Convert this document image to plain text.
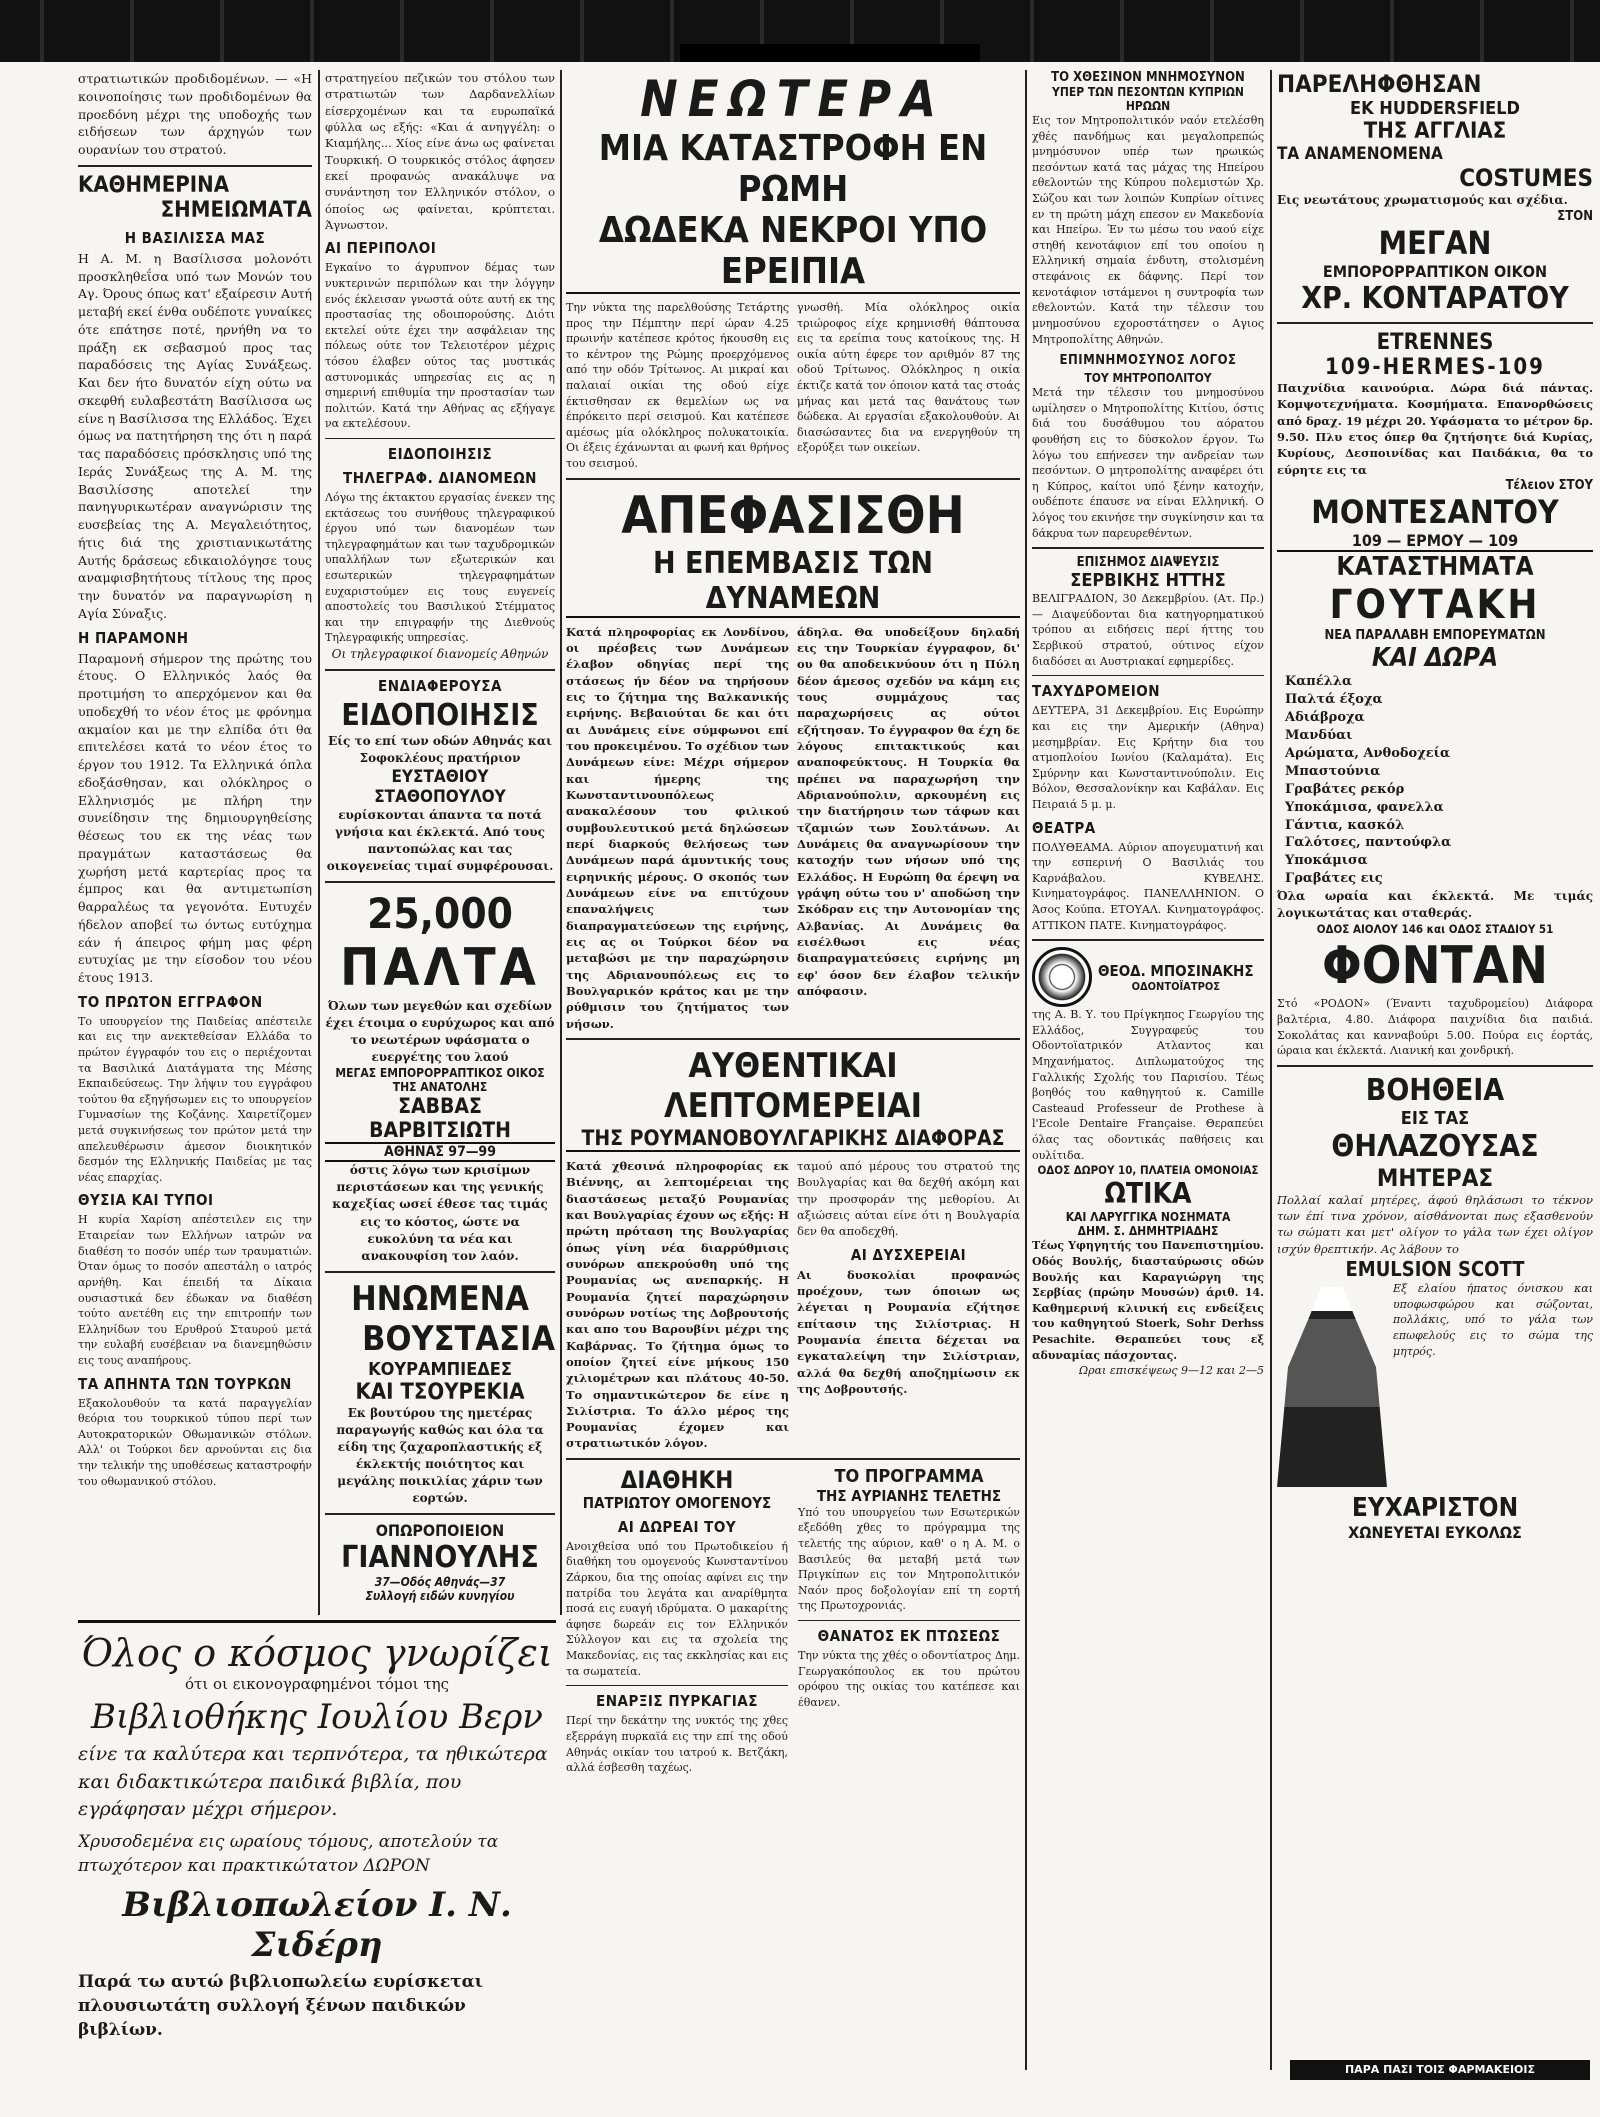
στρατιωτικών προδιδομένων. — «Η κοινοποίησις των προδιδομένων θα προεδόνη μέχρι της υποδοχής των ειδήσεων των άρχηγών των ουρανίων του στρατού.

ΚΑΘΗΜΕΡΙΝΑ
ΣΗΜΕΙΩΜΑΤΑ
Η ΒΑΣΙΛΙΣΣΑ ΜΑΣ

Η Α. Μ. η Βασίλισσα μολονότι προσκληθεΐσα υπό των Μονών του Αγ. Όρους όπως κατ' εξαίρεσιν Αυτή μεταβή εκεί ένθα ουδέποτε γυναίκες ότε επάτησε ποτέ, ηρνήθη να το πράξη εκ σεβασμού προς τας παραδόσεις της Αγίας Συνάξεως. Και δεν ήτο δυνατόν είχη ούτω να σκεφθή ευλαβεστάτη Βασίλισσα ως είνε η Βασίλισσα της Ελλάδος. Έχει όμως να πατητήρηση της ότι η παρά τας παραδόσεις πρόσκλησις υπό της Ιεράς Συνάξεως της Α. Μ. της Βασιλίσσης αποτελεί την πανηγυρικωτέραν αναγνώρισιν της ευσεβείας της Α. Μεγαλειότητος, ήτις διά της χριστιανικωτάτης Αυτής δράσεως εδικαιολόγησε τους αναμφισβητήτους τίτλους της προς την δυνατόν να παραγνωρίση η Αγία Σύναξις.

Η ΠΑΡΑΜΟΝΗ

Παραμονή σήμερον της πρώτης του έτους. Ο Ελληνικός λαός θα προτιμήση το απερχόμενον και θα υποδεχθή το νέον έτος με φρόνημα ακμαίον και με την ελπίδα ότι θα επιτελέσει κατά το νέον έτος το έργον του 1912. Τα Ελληνικά όπλα εδοξάσθησαν, και ολόκληρος ο Ελληνισμός με πλήρη την συνείδησιν της δημιουργηθείσης θέσεως του εκ της νέας των πραγμάτων καταστάσεως θα χωρήση μετά καρτερίας προς τα έμπρος και θα αντιμετωπίση θαρραλέως τα γεγονότα. Ευτυχέν ήδελον αποβεί τω όντως ευτύχημα εάν ή άπειρος φήμη μας φέρη ευτυχίας με την είσοδον του νέου έτους 1913.

ΤΟ ΠΡΩΤΟΝ ΕΓΓΡΑΦΟΝ

Το υπουργείον της Παιδείας απέστειλε και εις την ανεκτεθείσαν Ελλάδα το πρώτον έγγραφόν του εις ο περιέχονται τα Βασιλικά Διατάγματα της Μέσης Εκπαιδεύσεως. Την λήψιν του εγγράφου τούτου θα εξηγήσωμεν εις το υπουργείον Γυμνασίων της Κοζάνης. Χαιρετίζομεν μετά συγκινήσεως τον πρώτον μετά την απελευθέρωσιν άμεσον διοικητικόν δεσμόν της Ελληνικής Παιδείας με τας νέας επαρχίας.

ΘΥΣΙΑ ΚΑΙ ΤΥΠΟΙ

Η κυρία Χαρίση απέστειλεν εις την Εταιρείαν των Ελλήνων ιατρών να διαθέση το ποσόν υπέρ των τραυματιών. Όταν όμως το ποσόν απεστάλη ο ιατρός αρνήθη. Και έπειδή τα Δίκαια ουσιαστικά δεν έδωκαν να διαθέση τούτο ανετέθη εις την επιτροπήν των Ελληνίδων του Ερυθρού Σταυρού μετά την ευλαβή ευσέβειαν να διανεμηθώσιν εις τους αναπήρους.

ΤΑ ΑΠΗΝΤΑ ΤΩΝ ΤΟΥΡΚΩΝ

Εξακολουθούν τα κατά παραγγελίαν θεόρια του τουρκικού τύπου περί των Αυτοκρατορικών Οθωμανικών στόλων. Αλλ' οι Τούρκοι δεν αρνούνται εις δια την τελικήν της υποθέσεως καταστροφήν του οθωμανικού στόλου.

στρατηγείου πεζικών του στόλου των στρατιωτών των Δαρδανελλίων είσερχομένων και τα ευρωπαϊκά φύλλα ως εξής: «Και ά ανηγγέλη: ο Κιαμήλης... Χίος είνε άνω ως φαίνεται Τουρκική. Ο τουρκικός στόλος άφησεν εκεί προφανώς ανακάλυψε να συνάντηση τον Ελληνικόν στόλον, ο όποίος ως φαίνεται, κρύπτεται. Άγνωστον.

ΑΙ ΠΕΡΙΠΟΛΟΙ

Εγκαίνο το άγρυπνον δέμας των νυκτερινών περιπόλων και την λόγγην ενός έκλεισαν γνωστά ούτε αυτή εκ της προστασίας της οδοιπορούσης. Διότι εκτελεί ούτε έχει την ασφάλειαν της πόλεως ούτε τον Τελειοτέρον μέχρις τόσου έλαβεν ούτος τας μυστικάς αστυνομικάς υπηρεσίας εις ας η σημερινή επιθυμία την προστασίαν των πολιτών. Κατά την Αθήνας ας εξήγαγε να εκτελέσουν.

ΕΙΔΟΠΟΙΗΣΙΣ
ΤΗΛΕΓΡΑΦ. ΔΙΑΝΟΜΕΩΝ

Λόγω της έκτακτου εργασίας ένεκεν της εκτάσεως του συνήθους τηλεγραφικού έργου υπό των διανομέων των τηλεγραφημάτων και των ταχυδρομικών υπαλλήλων των εξωτερικών και εσωτερικών τηλεγραφημάτων ευχαριστούμεν εις τους ευγενείς αποστολείς του Βασιλικού Στέμματος και την επιγραφήν της Διεθνούς Τηλεγραφικής υπηρεσίας.

Οι τηλεγραφικοί διανομείς Αθηνών

ΕΝΔΙΑΦΕΡΟΥΣΑ
ΕΙΔΟΠΟΙΗΣΙΣ

Είς το επί των οδών Αθηνάς και Σοφοκλέους πρατήριον

ΕΥΣΤΑΘΙΟΥ ΣΤΑΘΟΠΟΥΛΟΥ

ευρίσκονται άπαντα τα ποτά γνήσια και έκλεκτά. Από τους παντοπώλας και τας οικογενείας τιμαί συμφέρουσαι.

25,000
ΠΑΛΤΑ

Όλων των μεγεθών και σχεδίων έχει έτοιμα ο ευρύχωρος και από το νεωτέρων υφάσματα ο ευεργέτης του λαού

ΜΕΓΑΣ ΕΜΠΟΡΟΡΡΑΠΤΙΚΟΣ ΟΙΚΟΣ ΤΗΣ ΑΝΑΤΟΛΗΣ
ΣΑΒΒΑΣ ΒΑΡΒΙΤΣΙΩΤΗ
ΑΘΗΝΑΣ 97—99

όστις λόγω των κρισίμων περιστάσεων και της γενικής καχεξίας ωσεί έθεσε τας τιμάς εις το κόστος, ώστε να ευκολύνη τα νέα και ανακουφίση τον λαόν.

ΗΝΩΜΕΝΑ
ΒΟΥΣΤΑΣΙΑ
ΚΟΥΡΑΜΠΙΕΔΕΣ
ΚΑΙ ΤΣΟΥΡΕΚΙΑ

Εκ βουτύρου της ημετέρας παραγωγής καθώς και όλα τα είδη της ζαχαροπλαστικής εξ έκλεκτής ποιότητος και μεγάλης ποικιλίας χάριν των εορτών.

ΟΠΩΡΟΠΟΙΕΙΟΝ
ΓΙΑΝΝΟΥΛΗΣ
37—Οδός Αθηνάς—37
Συλλογή ειδών κυνηγίου
Όλος ο κόσμος γνωρίζει
ότι οι εικονογραφημένοι τόμοι της
Βιβλιοθήκης Ιουλίου Βερν

είνε τα καλύτερα και τερπνότερα, τα ηθικώτερα και διδακτικώτερα παιδικά βιβλία, που εγράφησαν μέχρι σήμερον.

Χρυσοδεμένα εις ωραίους τόμους, αποτελούν τα πτωχότερον και πρακτικώτατον ΔΩΡΟΝ

Βιβλιοπωλείον Ι. Ν. Σιδέρη

Παρά τω αυτώ βιβλιοπωλείω ευρίσκεται πλουσιωτάτη συλλογή ξένων παιδικών βιβλίων.

ΝΕΩΤΕΡΑ
ΜΙΑ ΚΑΤΑΣΤΡΟΦΗ ΕΝ ΡΩΜΗ
ΔΩΔΕΚΑ ΝΕΚΡΟΙ ΥΠΟ ΕΡΕΙΠΙΑ

Την νύκτα της παρελθούσης Τετάρτης προς την Πέμπτην περί ώραν 4.25 πρωινήν κατέπεσε κρότος ήκουσθη εις το κέντρον της Ρώμης προερχόμενος από την οδόν Τρίτωνος. Αι μικραί και παλαιαί οικίαι της οδού είχε έκτισθησαν εκ θεμελίων ως να έπρόκειτο περί σεισμού. Και κατέπεσε αμέσως μία ολόκληρος πολυκατοικία. Οι έξεις έχάνωνται αι φωνή και θρήνος του σεισμού.

γνωσθή. Μία ολόκληρος οικία τριώροφος είχε κρημνισθή θάπτουσα εις τα ερείπια τους κατοίκους της. Η οικία αύτη έφερε τον αριθμόν 87 της οδού Τρίτωνος. Ολόκληρος η οικία έκτιζε κατά τον όποιον κατά τας στοάς μήνας και μετά τας θανάτους των δώδεκα. Αι εργασίαι εξακολουθούν. Αι διασώσαντες δια να ενεργηθούν τη εξορύξει των οικείων.

ΑΠΕΦΑΣΙΣΘΗ
Η ΕΠΕΜΒΑΣΙΣ ΤΩΝ ΔΥΝΑΜΕΩΝ

Κατά πληροφορίας εκ Λονδίνου, οι πρέσβεις των Δυνάμεων έλαβον οδηγίας περί της στάσεως ήν δέον να τηρήσουν εις το ζήτημα της Βαλκανικής ειρήνης. Βεβαιούται δε και ότι αι Δυνάμεις είνε σύμφωνοι επί του προκειμένου. Το σχέδιον των Δυνάμεων είνε: Μέχρι σήμερον και ήμερης της Κωνσταντινουπόλεως ανακαλέσουν του φιλικού συμβουλευτικού μετά δηλώσεων περί διαρκούς θελήσεως των Δυνάμεων παρά άμυντικής τους ειρηνικής μέρους. Ο σκοπός των Δυνάμεων είνε να επιτύχουν επαναλήψεις των διαπραγματεύσεων της ειρήνης, εις ας οι Τούρκοι δέον να μεταβώσι με την παραχώρησιν της Αδριανουπόλεως εις το Βουλγαρικόν κράτος και με την ρύθμισιν του ζητήματος των νήσων.

άδηλα. Θα υποδείξουν δηλαδή εις την Τουρκίαν έγγραφον, δι' ου θα αποδεικνύουν ότι η Πύλη δέον άμεσος σχεδόν να κάμη εις τους συμμάχους τας παραχωρήσεις ας ούτοι εζήτησαν. Το έγγραφον θα έχη δε λόγους επιτακτικούς και αναποφεύκτους. Η Τουρκία θα πρέπει να παραχωρήση την Αδριανούπολιν, αρκουμένη εις την διατήρησιν των τάφων και τζαμιών των Σουλτάνων. Αι Δυνάμεις θα αναγνωρίσουν την κατοχήν των νήσων υπό της Ελλάδος. Η Ευρώπη θα έρεψη να γράψη ούτω του ν' αποδώση την Σκόδραν εις την Αυτονομίαν της Αλβανίας. Αι Δυνάμεις θα εισέλθωσι εις νέας διαπραγματεύσεις ειρήνης μη εφ' όσον δεν έλαβον τελικήν απόφασιν.

ΑΥΘΕΝΤΙΚΑΙ ΛΕΠΤΟΜΕΡΕΙΑΙ
ΤΗΣ ΡΟΥΜΑΝΟΒΟΥΛΓΑΡΙΚΗΣ ΔΙΑΦΟΡΑΣ

Κατά χθεσινά πληροφορίας εκ Βιέννης, αι λεπτομέρειαι της διαστάσεως μεταξύ Ρουμανίας και Βουλγαρίας έχουν ως εξής: Η πρώτη πρόταση της Βουλγαρίας όπως γίνη νέα διαρρύθμισις συνόρων απεκρούσθη υπό της Ρουμανίας ως ανεπαρκής. Η Ρουμανία ζητεί παραχώρησιν συνόρων νοτίως της Δοβρουτσής και απο του Βαρουβίνι μέχρι της Καβάρνας. Το ζήτημα όμως το οποίον ζητεί είνε μήκους 150 χιλιομέτρων και πλάτους 40-50. Το σημαντικώτερον δε είνε η Σιλίστρια. Το άλλο μέρος της Ρουμανίας έχομεν και στρατιωτικόν λόγον.

ταμού από μέρους του στρατού της Βουλγαρίας και θα δεχθή ακόμη και την προσφοράν της μεθορίου. Αι αξιώσεις αύται είνε ότι η Βουλγαρία δεν θα αποδεχθή.

ΑΙ ΔΥΣΧΕΡΕΙΑΙ

Αι δυσκολίαι προφανώς προέχουν, των όποιων ως λέγεται η Ρουμανία εζήτησε επίτασιν της Σιλίστριας. Η Ρουμανία έπειτα δέχεται να εγκαταλείψη την Σιλίστριαν, αλλά θα δεχθή αποζημίωσιν εκ της Δοβρουτσής.

ΔΙΑΘΗΚΗ
ΠΑΤΡΙΩΤΟΥ ΟΜΟΓΕΝΟΥΣ
ΑΙ ΔΩΡΕΑΙ ΤΟΥ

Ανοιχθείσα υπό του Πρωτοδικείου ή διαθήκη του ομογενούς Κωνσταντίνου Ζάρκου, δια της οποίας αφίνει εις την πατρίδα του λεγάτα και αναρίθμητα ποσά εις ευαγή ιδρύματα. Ο μακαρίτης άφησε δωρεάν εις τον Ελληνικόν Σύλλογον και εις τα σχολεία της Μακεδονίας, εις τας εκκλησίας και εις τα σωματεία.

ΕΝΑΡΞΙΣ ΠΥΡΚΑΓΙΑΣ

Περί την δεκάτην της νυκτός της χθες εξερράγη πυρκαϊά εις την επί της οδού Αθηνάς οικίαν του ιατρού κ. Βετζάκη, αλλά έσβεσθη ταχέως.

ΤΟ ΠΡΟΓΡΑΜΜΑ
ΤΗΣ ΑΥΡΙΑΝΗΣ ΤΕΛΕΤΗΣ

Υπό του υπουργείου των Εσωτερικών εξεδόθη χθες το πρόγραμμα της τελετής της αύριον, καθ' ο η Α. Μ. ο Βασιλεύς θα μεταβή μετά των Πριγκίπων εις τον Μητροπολιτικόν Ναόν προς δοξολογίαν επί τη εορτή της Πρωτοχρονιάς.

ΘΑΝΑΤΟΣ ΕΚ ΠΤΩΣΕΩΣ

Την νύκτα της χθές ο οδοντίατρος Δημ. Γεωργακόπουλος εκ του πρώτου ορόφου της οικίας του κατέπεσε και έθανεν.

ΤΟ ΧΘΕΣΙΝΟΝ ΜΝΗΜΟΣΥΝΟΝ
ΥΠΕΡ ΤΩΝ ΠΕΣΟΝΤΩΝ ΚΥΠΡΙΩΝ ΗΡΩΩΝ

Εις τον Μητροπολιτικόν ναόν ετελέσθη χθές πανδήμως και μεγαλοπρεπώς μνημόσυνον υπέρ των ηρωικώς πεσόντων κατά τας μάχας της Ηπείρου εθελοντών της Κύπρου πολεμιστών Χρ. Σώζου και των λοιπών Κυπρίων οίτινες εν τη πρώτη μάχη επεσον εν Μακεδονία και Ηπείρω. Έν τω μέσω του ναού είχε στηθή κενοτάφιον επί του οποίου η Ελληνική σημαία ένδυτη, στολισμένη στεφάνοις εκ δάφνης. Περί τον κενοτάφιον ιστάμενοι η συντροφία των εθελοντών. Κατά την τέλεσιν του μνημοσύνου εχοροστάτησεν ο Αγιος Μητροπολίτης Αθηνών.

ΕΠΙΜΝΗΜΟΣΥΝΟΣ ΛΟΓΟΣ
ΤΟΥ ΜΗΤΡΟΠΟΛΙΤΟΥ

Μετά την τέλεσιν του μνημοσύνου ωμίλησεν ο Μητροπολίτης Κιτίου, όστις διά του δυσάθυμου του αόρατου φουθήση εις το δύσκολον έργον. Τω λόγω του επήνεσεν την ανδρείαν των πεσόντων. Ο μητροπολίτης αναφέρει ότι η Κύπρος, καίτοι υπό ξένην κατοχήν, ουδέποτε έπαυσε να είναι Ελληνική. Ο λόγος του εκινήσε την συγκίνησιν και τα δάκρυα των παρευρεθέντων.

ΕΠΙΣΗΜΟΣ ΔΙΑΨΕΥΣΙΣ
ΣΕΡΒΙΚΗΣ ΗΤΤΗΣ

ΒΕΛΙΓΡΑΔΙΟΝ, 30 Δεκεμβρίου. (Ατ. Πρ.) — Διαψεύδονται δια κατηγορηματικού τρόπου αι ειδήσεις περί ήττης του Σερβικού στρατού, ούτινος είχον διαδόσει αι Αυστριακαί εφημερίδες.

ΤΑΧΥΔΡΟΜΕΙΟΝ

ΔΕΥΤΕΡΑ, 31 Δεκεμβρίου. Εις Ευρώπην και εις την Αμερικήν (Αθηνα) μεσημβρίαν. Εις Κρήτην δια του ατμοπλοίου Ιωνίου (Καλαμάτα). Εις Σμύρνην και Κωνσταντινούπολιν. Εις Βόλον, Θεσσαλονίκην και Καβάλαν. Εις Πειραιά 5 μ. μ.

ΘΕΑΤΡΑ

ΠΟΛΥΘΕΑΜΑ. Αύριον απογευματινή και την εσπερινή Ο Βασιλιάς του Καρνάβαλου. ΚΥΒΕΛΗΣ. Κινηματογράφος. ΠΑΝΕΛΛΗΝΙΟΝ. Ο Άσος Κούπα. ΕΤΟΥΑΛ. Κινηματογράφος. ΑΤΤΙΚΟΝ ΠΑΤΕ. Κινηματογράφος.

ΘΕΟΔ. ΜΠΟΣΙΝΑΚΗΣ
ΟΔΟΝΤΟΪΑΤΡΟΣ

της Α. Β. Υ. του Πρίγκηπος Γεωργίου της Ελλάδος, Συγγραφεύς του Οδοντοϊατρικόν Ατλαντος και Μηχανήματος. Διπλωματούχος της Γαλλικής Σχολής του Παρισίου. Τέως βοηθός του καθηγητού κ. Camille Casteaud Professeur de Prothese à l'Ecole Dentaire Française. Θεραπεύει όλας τας οδοντικάς παθήσεις και ουλίτιδα.

ΟΔΟΣ ΔΩΡΟΥ 10, ΠΛΑΤΕΙΑ ΟΜΟΝΟΙΑΣ
ΩΤΙΚΑ
ΚΑΙ ΛΑΡΥΓΓΙΚΑ ΝΟΣΗΜΑΤΑ
ΔΗΜ. Σ. ΔΗΜΗΤΡΙΑΔΗΣ

Τέως Υφηγητής του Πανεπιστημίου. Οδός Βουλής, διασταύρωσις οδών Βουλής και Καραγιώργη της Σερβίας (πρώην Μουσών) άριθ. 14. Καθημερινή κλινική εις ενδείξεις του καθηγητού Stoerk, Sohr Derhss Pesachite. Θεραπεύει τους εξ αδυναμίας πάσχοντας.

Ωραι επισκέψεως 9—12 και 2—5

ΠΑΡΕΛΗΦΘΗΣΑΝ
ΕΚ HUDDERSFIELD
ΤΗΣ ΑΓΓΛΙΑΣ
ΤΑ ΑΝΑΜΕΝΟΜΕΝΑ
COSTUMES

Εις νεωτάτους χρωματισμούς και σχέδια.

ΣΤΟΝ
ΜΕΓΑΝ
ΕΜΠΟΡΟΡΡΑΠΤΙΚΟΝ ΟΙΚΟΝ
ΧΡ. ΚΟΝΤΑΡΑΤΟΥ
ETRENNES
109-HERMES-109

Παιχνίδια καινούρια. Δώρα διά πάντας. Κομψοτεχνήματα. Κοσμήματα. Επανορθώσεις από δραχ. 19 μέχρι 20. Υφάσματα το μέτρον δρ. 9.50. Πλυ ετος όπερ θα ζητήσητε διά Κυρίας, Κυρίους, Δεσποινίδας και Παιδάκια, θα το εύρητε εις τα

Τέλειον ΣΤΟΥ
ΜΟΝΤΕΣΑΝΤΟΥ
109 — ΕΡΜΟΥ — 109
ΚΑΤΑΣΤΗΜΑΤΑ
ΓΟΥΤΑΚΗ
ΝΕΑ ΠΑΡΑΛΑΒΗ ΕΜΠΟΡΕΥΜΑΤΩΝ
ΚΑΙ ΔΩΡΑ
Καπέλλα
Παλτά έξοχα
Αδιάβροχα
Μανδύαι
Αρώματα, Ανθοδοχεία
Μπαστούνια
Γραβάτες ρεκόρ
Υποκάμισα, φανελλα
Γάντια, κασκόλ
Γαλότσες, παντούφλα
Υποκάμισα
Γραβάτες εις

Όλα ωραία και έκλεκτά. Με τιμάς λογικωτάτας και σταθεράς.

ΟΔΟΣ ΑΙΟΛΟΥ 146 και ΟΔΟΣ ΣΤΑΔΙΟΥ 51
ΦΟΝΤΑΝ

Στό «ΡΟΔΟΝ» (Έναντι ταχυδρομείου) Διάφορα βαλτέρια, 4.80. Διάφορα παιχνίδια δια παιδιά. Σοκολάτας και κανναβούρι 5.00. Πούρα εις έορτάς, ώραια και έκλεκτά. Λιανική και χονδρική.

ΒΟΗΘΕΙΑ
ΕΙΣ ΤΑΣ
ΘΗΛΑΖΟΥΣΑΣ
ΜΗΤΕΡΑΣ

Πολλαί καλαί μητέρες, άφού θηλάσωσι το τέκνον των έπί τινα χρόνον, αίσθάνονται πως εξασθενούν τω σώματι και μετ' ολίγον το γάλα των έχει ολίγον ισχύν θρεπτικήν. Ας λάβουν το

EMULSION SCOTT

Εξ ελαίου ήπατος όνισκου και υποφωσφώρου και σώζονται, πολλάκις, υπό το γάλα των επωφελούς εις το σώμα της μητρός.

ΕΥΧΑΡΙΣΤΟΝ
ΧΩΝΕΥΕΤΑΙ ΕΥΚΟΛΩΣ
ΠΑΡΑ ΠΑΣΙ ΤΟΙΣ ΦΑΡΜΑΚΕΙΟΙΣ
